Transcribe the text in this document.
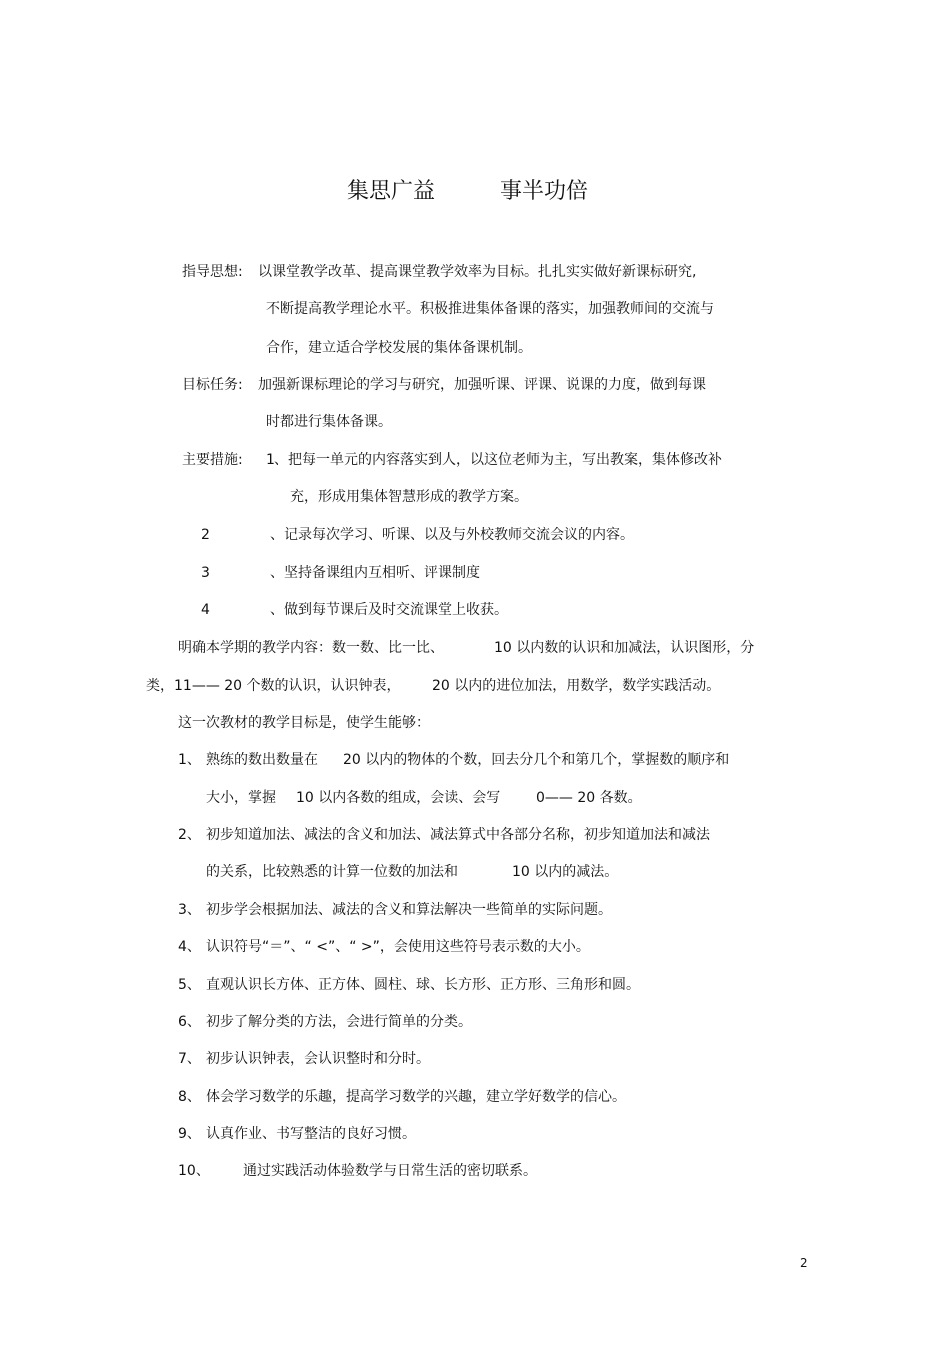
集思广益	事半功倍
指导思想: 以课堂教学改革、提高课堂教学效率为目标。扎扎实实做好新课标研究,
不断提高教学理论水平。积极推进集体备课的落实，加强教师间的交流与
合作，建立适合学校发展的集体备课机制。
目标任务: 加强新课标理论的学习与研究，加强听课、评课、说课的力度，做到每课
时都进行集体备课。
主要措施: 1 、把每一单元的内容落实到人，以这位老师为主，写出教案，集体修改补
充，形成用集体智慧形成的教学方案。
2	、记录每次学习、听课、以及与外校教师交流会议的内容。
3	、坚持备课组内互相听、评课制度
4	、做到每节课后及时交流课堂上收获。
明确本学期的教学内容：数一数、比一比、	10 以内数的认识和加减法，认识图形，分
类，11—— 20 个数的认识，认识钟表， 20 以内的进位加法，用数学，数学实践活动。
这一次教材的教学目标是，使学生能够：
1、 熟练的数出数量在 20 以内的物体的个数，回去分几个和第几个，掌握数的顺序和
大小，掌握 10 以内各数的组成，会读、会写	0—— 20 各数。
2、 初步知道加法、减法的含义和加法、减法算式中各部分名称，初步知道加法和减法
的关系，比较熟悉的计算一位数的加法和	10 以内的减法。
3、 初步学会根据加法、减法的含义和算法解决一些简单的实际问题。
4、 认识符号“＝”、“ <”、“ >”，会使用这些符号表示数的大小。
5、 直观认识长方体、正方体、圆柱、球、长方形、正方形、三角形和圆。
6、 初步了解分类的方法，会进行简单的分类。
7、 初步认识钟表，会认识整时和分时。
8、 体会学习数学的乐趣，提高学习数学的兴趣，建立学好数学的信心。
9、 认真作业、书写整洁的良好习惯。
10、 通过实践活动体验数学与日常生活的密切联系。
2
